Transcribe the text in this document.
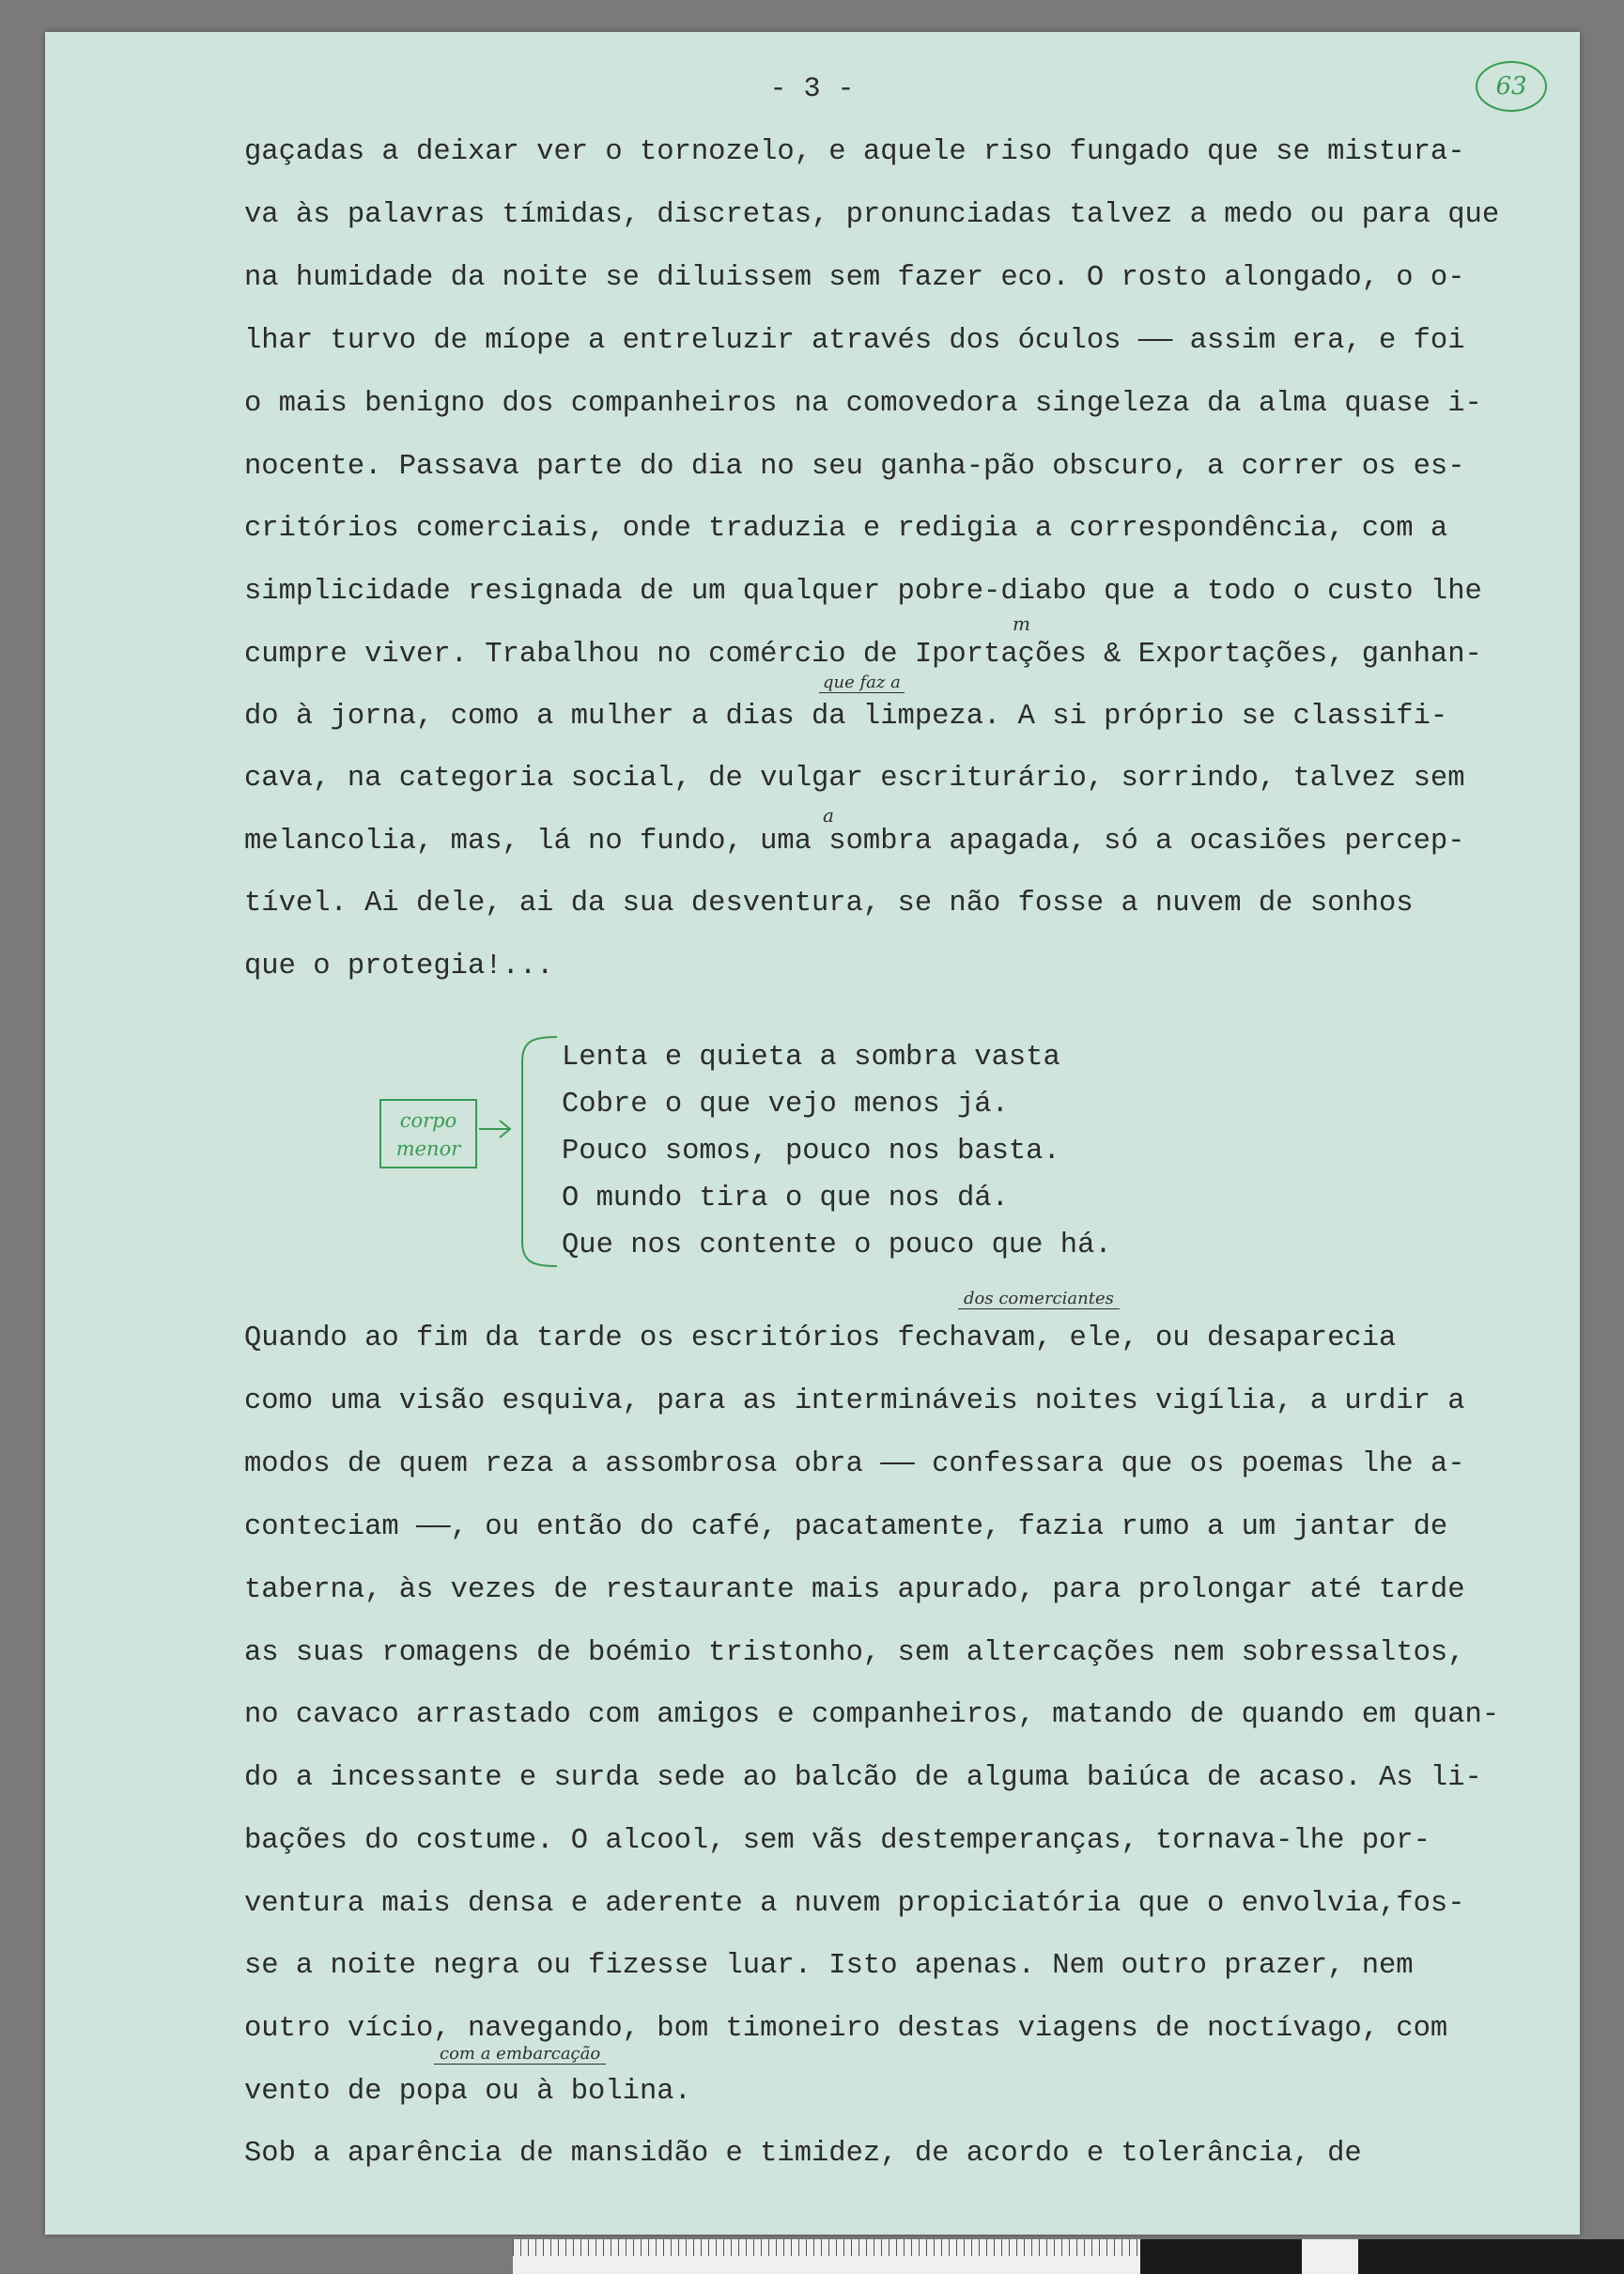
- 3 -	63
gaçadas a deixar ver o tornozelo, e aquele riso fungado que se mistura-
va às palavras tímidas, discretas, pronunciadas talvez a medo ou para que
na humidade da noite se diluissem sem fazer eco. O rosto alongado, o o-
lhar turvo de míope a entreluzir através dos óculos —— assim era, e foi
o mais benigno dos companheiros na comovedora singeleza da alma quase i-
nocente. Passava parte do dia no seu ganha-pão obscuro, a correr os es-
critórios comerciais, onde traduzia e redigia a correspondência, com a
simplicidade resignada de um qualquer pobre-diabo que a todo o custo lhe
cumpre viver. Trabalhou no comércio de Iportações & Exportações, ganhan-
do à jorna, como a mulher a dias da limpeza. A si próprio se classifi-
cava, na categoria social, de vulgar escriturário, sorrindo, talvez sem
melancolia, mas, lá no fundo, uma sombra apagada, só a ocasiões percep-
tível. Ai dele, ai da sua desventura, se não fosse a nuvem de sonhos
que o protegia!...
m
que faz a
a
corpo
menor
Lenta e quieta a sombra vasta
Cobre o que vejo menos já.
Pouco somos, pouco nos basta.
O mundo tira o que nos dá.
Que nos contente o pouco que há.
dos comerciantes
Quando ao fim da tarde os escritórios fechavam, ele, ou desaparecia
como uma visão esquiva, para as intermináveis noites vigília, a urdir a
modos de quem reza a assombrosa obra —— confessara que os poemas lhe a-
conteciam ——, ou então do café, pacatamente, fazia rumo a um jantar de
taberna, às vezes de restaurante mais apurado, para prolongar até tarde
as suas romagens de boémio tristonho, sem altercações nem sobressaltos,
no cavaco arrastado com amigos e companheiros, matando de quando em quan-
do a incessante e surda sede ao balcão de alguma baiúca de acaso. As li-
bações do costume. O alcool, sem vãs destemperanças, tornava-lhe por-
ventura mais densa e aderente a nuvem propiciatória que o envolvia,fos-
se a noite negra ou fizesse luar. Isto apenas. Nem outro prazer, nem
outro vício, navegando, bom timoneiro destas viagens de noctívago, com
vento de popa ou à bolina.
com a embarcação
Sob a aparência de mansidão e timidez, de acordo e tolerância, de
